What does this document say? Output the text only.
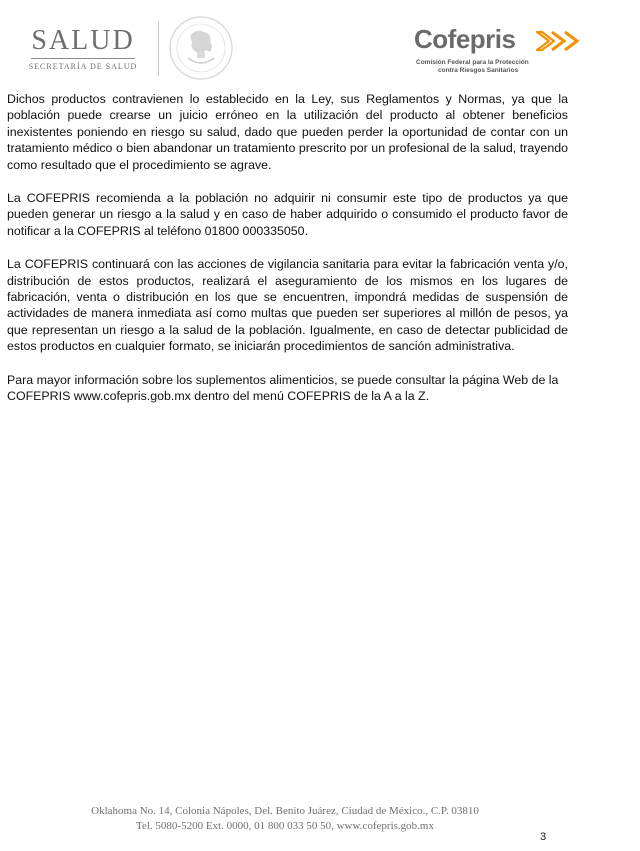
SALUD
SECRETARÍA DE SALUD
Cofepris
Comisión Federal para la Protección
contra Riesgos Sanitarios

Dichos productos contravienen lo establecido en la Ley, sus Reglamentos y Normas, ya que la población puede crearse un juicio erróneo en la utilización del producto al obtener beneficios inexistentes poniendo en riesgo su salud, dado que pueden perder la oportunidad de contar con un tratamiento médico o bien abandonar un tratamiento prescrito por un profesional de la salud, trayendo como resultado que el procedimiento se agrave.

La COFEPRIS recomienda a la población no adquirir ni consumir este tipo de productos ya que pueden generar un riesgo a la salud y en caso de haber adquirido o consumido el producto favor de notificar a la COFEPRIS al teléfono 01800 000335050.

La COFEPRIS continuará con las acciones de vigilancia sanitaria para evitar la fabricación venta y/o, distribución de estos productos, realizará el aseguramiento de los mismos en los lugares de fabricación, venta o distribución en los que se encuentren, impondrá medidas de suspensión de actividades de manera inmediata así como multas que pueden ser superiores al millón de pesos, ya que representan un riesgo a la salud de la población. Igualmente, en caso de detectar publicidad de estos productos en cualquier formato, se iniciarán procedimientos de sanción administrativa.

Para mayor información sobre los suplementos alimenticios, se puede consultar la página Web de la COFEPRIS www.cofepris.gob.mx dentro del menú COFEPRIS de la A a la Z.

Oklahoma No. 14, Colonia Nápoles, Del. Benito Juárez, Ciudad de México., C.P. 03810
Tel. 5080-5200 Ext. 0000, 01 800 033 50 50, www.cofepris.gob.mx
3
